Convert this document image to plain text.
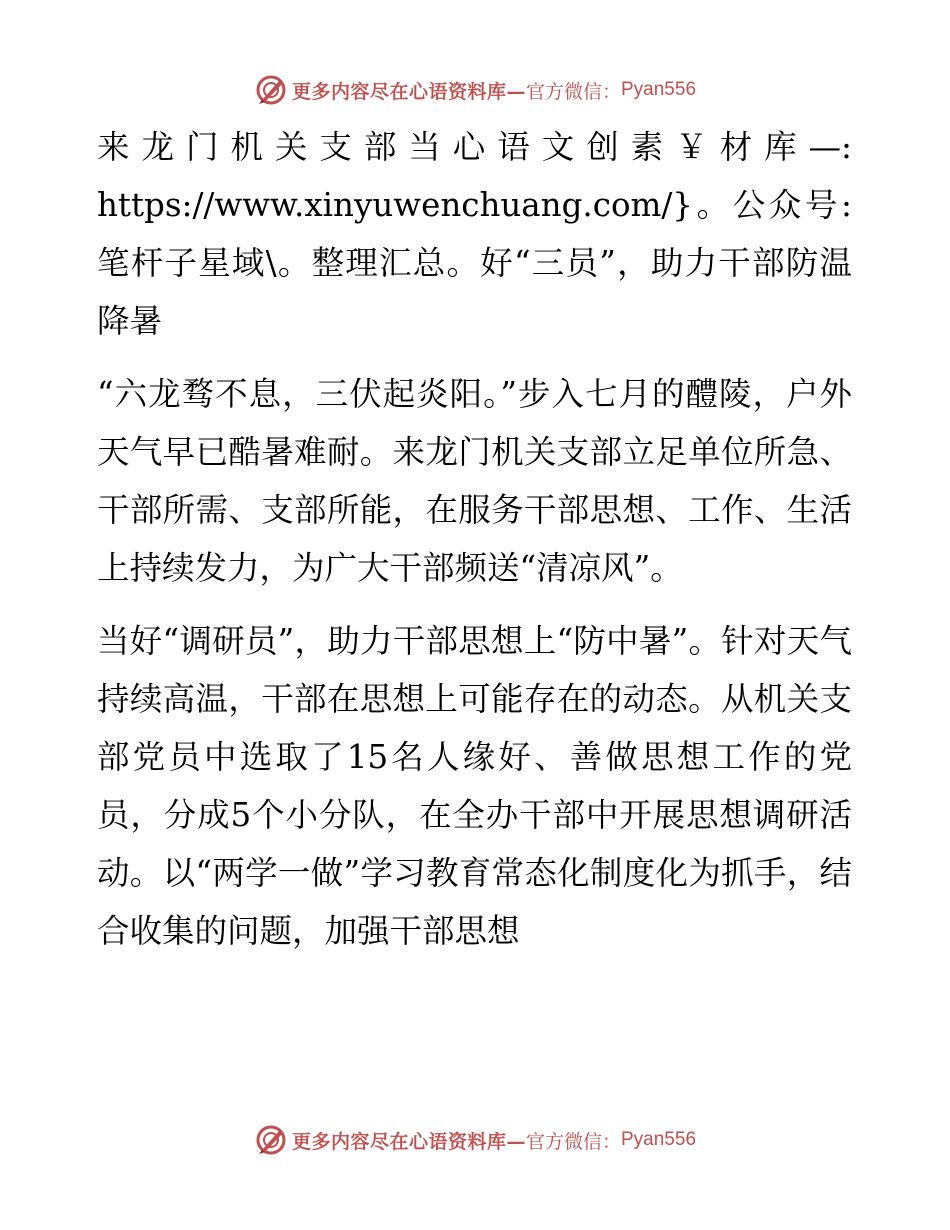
更多内容尽在心语资料库— 官方微信： Pyan556

来龙门机关支部当心语文创素￥材库—: https://www.xinyuwenchuang.com/}。公众号: 笔杆子星域\。整理汇总。好“三员”，助力干部防温降暑

“六龙骛不息，三伏起炎阳。”步入七月的醴陵，户外天气早已酷暑难耐。来龙门机关支部立足单位所急、干部所需、支部所能，在服务干部思想、工作、生活上持续发力，为广大干部频送“清凉风”。

当好“调研员”，助力干部思想上“防中暑”。针对天气持续高温，干部在思想上可能存在的动态。从机关支部党员中选取了15名人缘好、善做思想工作的党员，分成5个小分队，在全办干部中开展思想调研活动。以“两学一做”学习教育常态化制度化为抓手，结合收集的问题，加强干部思想

更多内容尽在心语资料库— 官方微信： Pyan556
